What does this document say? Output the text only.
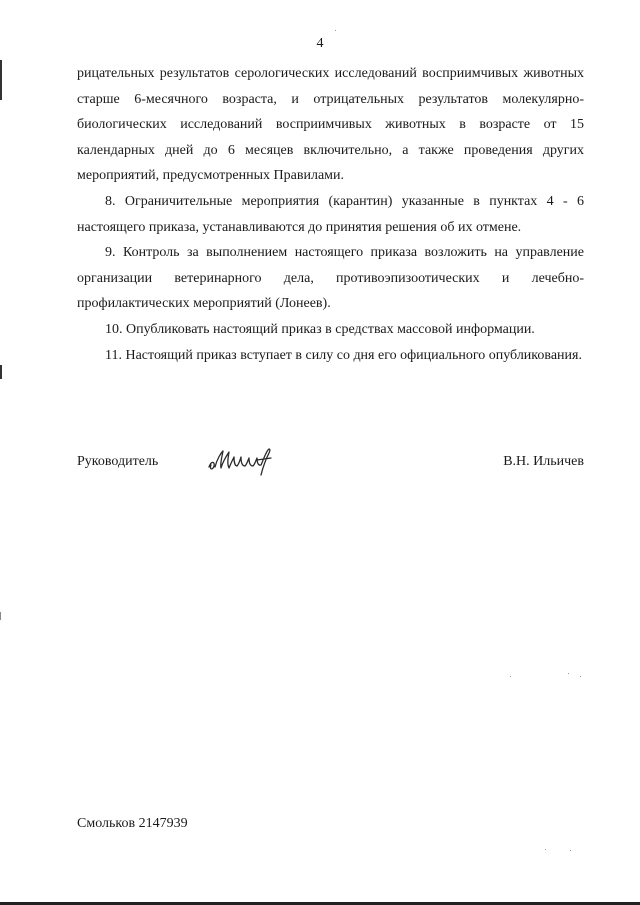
4

рицательных результатов серологических исследований восприимчивых животных старше 6-месячного возраста, и отрицательных результатов молекулярно-биологических исследований восприимчивых животных в возрасте от 15 календарных дней до 6 месяцев включительно, а также проведения других мероприятий, предусмотренных Правилами.

8. Ограничительные мероприятия (карантин) указанные в пунктах 4 - 6 настоящего приказа, устанавливаются до принятия решения об их отмене.

9. Контроль за выполнением настоящего приказа возложить на управление организации ветеринарного дела, противоэпизоотических и лечебно-профилактических мероприятий (Лонеев).

10. Опубликовать настоящий приказ в средствах массовой информации.

11. Настоящий приказ вступает в силу со дня его официального опубликования.

Руководитель	В.Н. Ильичев
Смольков 2147939
